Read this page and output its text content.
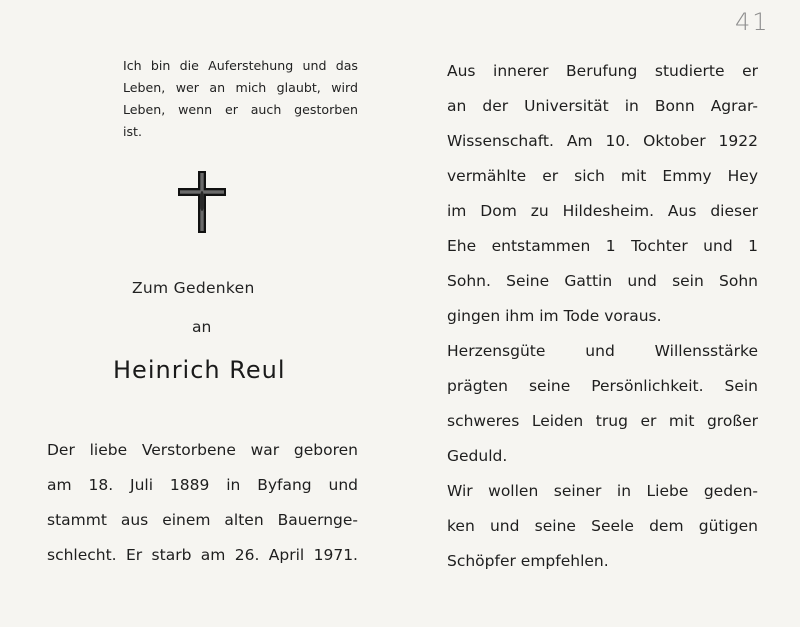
41
Ich bin die Auferstehung und das
Leben, wer an mich glaubt, wird
Leben, wenn er auch gestorben
ist.
Zum Gedenken
an
Heinrich Reul
Der liebe Verstorbene war geboren
am 18. Juli 1889 in Byfang und
stammt aus einem alten Bauernge-
schlecht. Er starb am 26. April 1971.
Aus innerer Berufung studierte er
an der Universität in Bonn Agrar-
Wissenschaft. Am 10. Oktober 1922
vermählte er sich mit Emmy Hey
im Dom zu Hildesheim. Aus dieser
Ehe entstammen 1 Tochter und 1
Sohn. Seine Gattin und sein Sohn
gingen ihm im Tode voraus.
Herzensgüte und Willensstärke
prägten seine Persönlichkeit. Sein
schweres Leiden trug er mit großer
Geduld.
Wir wollen seiner in Liebe geden-
ken und seine Seele dem gütigen
Schöpfer empfehlen.
